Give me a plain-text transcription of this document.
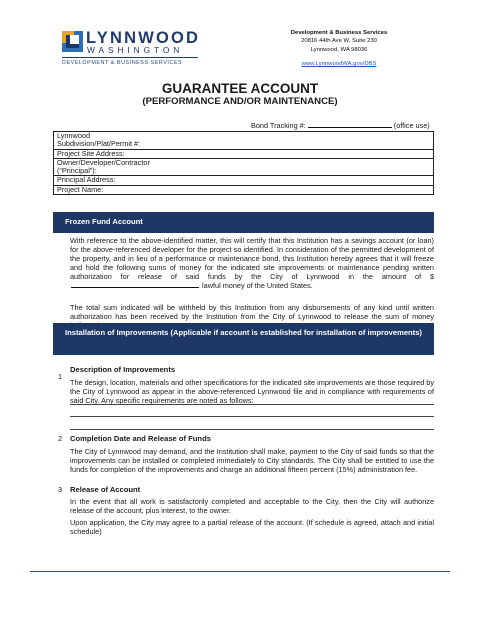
LYNNWOOD
WASHINGTON
DEVELOPMENT & BUSINESS SERVICES
Development & Business Services
20816 44th Ave W, Suite 230
Lynnwood, WA 98036
www.LynnwoodWA.gov/DBS
GUARANTEE ACCOUNT
(PERFORMANCE AND/OR MAINTENANCE)
Bond Tracking #:	(office use)
Lynnwood
Subdivision/Plat/Permit #:
Project Site Address:
Owner/Developer/Contractor
(“Principal”):
Principal Address:
Project Name:
Frozen Fund Account
With reference to the above-identified matter, this will certify that this Institution has a savings account (or loan) for the above-referenced developer for the project so identified. In consideration of the permitted development of the property, and in lieu of a performance or maintenance bond, this Institution hereby agrees that it will freeze and hold the following sums of money for the indicated site improvements or maintenance pending written authorization for release of said funds by the City of Lynnwood in the amount of $ lawful money of the United States.
The total sum indicated will be withheld by this Institution from any disbursements of any kind until written authorization has been received by the Institution from the City of Lynnwood to release the sum of money
Installation of Improvements (Applicable if account is established for installation of improvements)
1
Description of Improvements
The design, location, materials and other specifications for the indicated site improvements are those required by the City of Lynnwood as appear in the above-referenced Lynnwood file and in compliance with requirements of said City. Any specific requirements are noted as follows:
2 Completion Date and Release of Funds
The City of Lynnwood may demand, and the Institution shall make, payment to the City of said funds so that the improvements can be installed or completed immediately to City standards. The City shall be entitled to use the funds for completion of the improvements and charge an additional fifteen percent (15%) administration fee.
3 Release of Account
In the event that all work is satisfactorily completed and acceptable to the City, then the City will authorize release of the account, plus interest, to the owner.
Upon application, the City may agree to a partial release of the account. (If schedule is agreed, attach and initial schedule)
